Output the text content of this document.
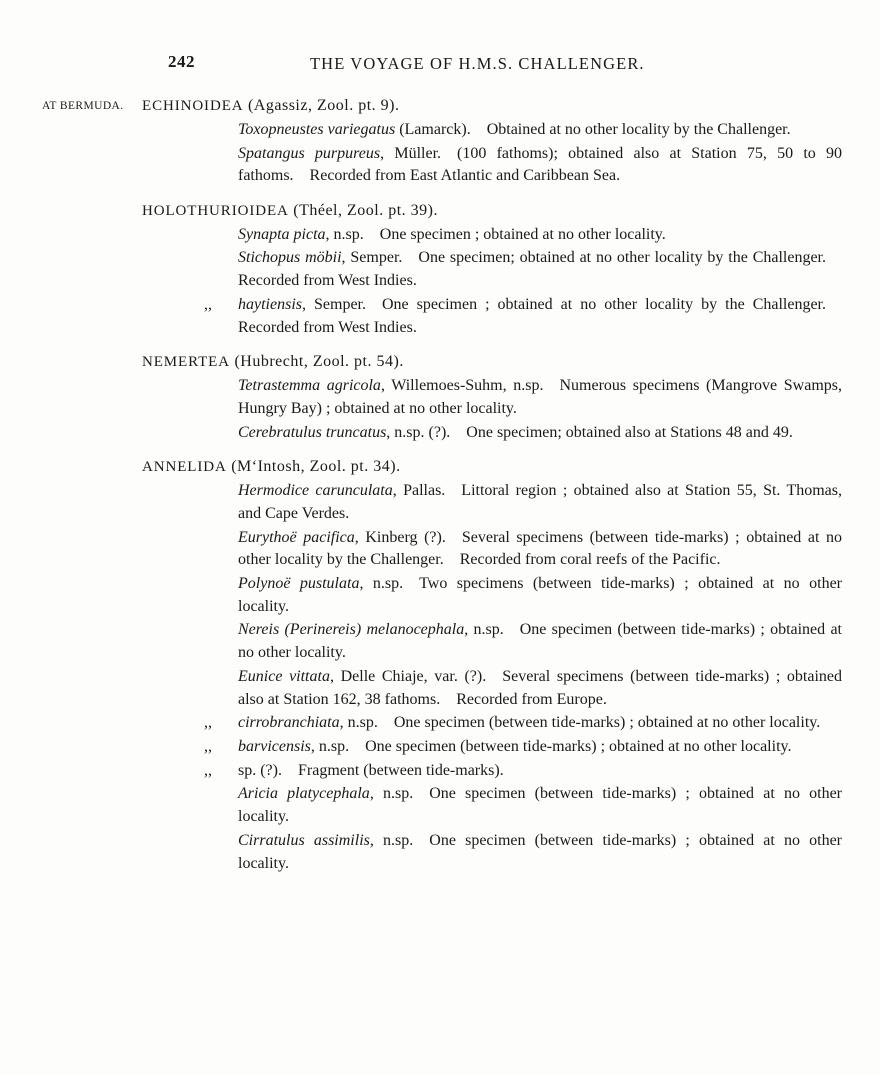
242	THE VOYAGE OF H.M.S. CHALLENGER.
AT BERMUDA. ECHINOIDEA (Agassiz, Zool. pt. 9).
Toxopneustes variegatus (Lamarck). Obtained at no other locality by the Challenger.
Spatangus purpureus, Müller. (100 fathoms); obtained also at Station 75, 50 to 90 fathoms. Recorded from East Atlantic and Caribbean Sea.
HOLOTHURIOIDEA (Théel, Zool. pt. 39).
Synapta picta, n.sp. One specimen ; obtained at no other locality.
Stichopus möbii, Semper. One specimen; obtained at no other locality by the Challenger. Recorded from West Indies.
,, haytiensis, Semper. One specimen ; obtained at no other locality by the Challenger. Recorded from West Indies.
NEMERTEA (Hubrecht, Zool. pt. 54).
Tetrastemma agricola, Willemoes-Suhm, n.sp. Numerous specimens (Mangrove Swamps, Hungry Bay) ; obtained at no other locality.
Cerebratulus truncatus, n.sp. (?). One specimen; obtained also at Stations 48 and 49.
ANNELIDA (M‘Intosh, Zool. pt. 34).
Hermodice carunculata, Pallas. Littoral region ; obtained also at Station 55, St. Thomas, and Cape Verdes.
Eurythoë pacifica, Kinberg (?). Several specimens (between tide-marks) ; obtained at no other locality by the Challenger. Recorded from coral reefs of the Pacific.
Polynoë pustulata, n.sp. Two specimens (between tide-marks) ; obtained at no other locality.
Nereis (Perinereis) melanocephala, n.sp. One specimen (between tide-marks) ; obtained at no other locality.
Eunice vittata, Delle Chiaje, var. (?). Several specimens (between tide-marks) ; obtained also at Station 162, 38 fathoms. Recorded from Europe.
,, cirrobranchiata, n.sp. One specimen (between tide-marks) ; obtained at no other locality.
,, barvicensis, n.sp. One specimen (between tide-marks) ; obtained at no other locality.
,, sp. (?). Fragment (between tide-marks).
Aricia platycephala, n.sp. One specimen (between tide-marks) ; obtained at no other locality.
Cirratulus assimilis, n.sp. One specimen (between tide-marks) ; obtained at no other locality.
